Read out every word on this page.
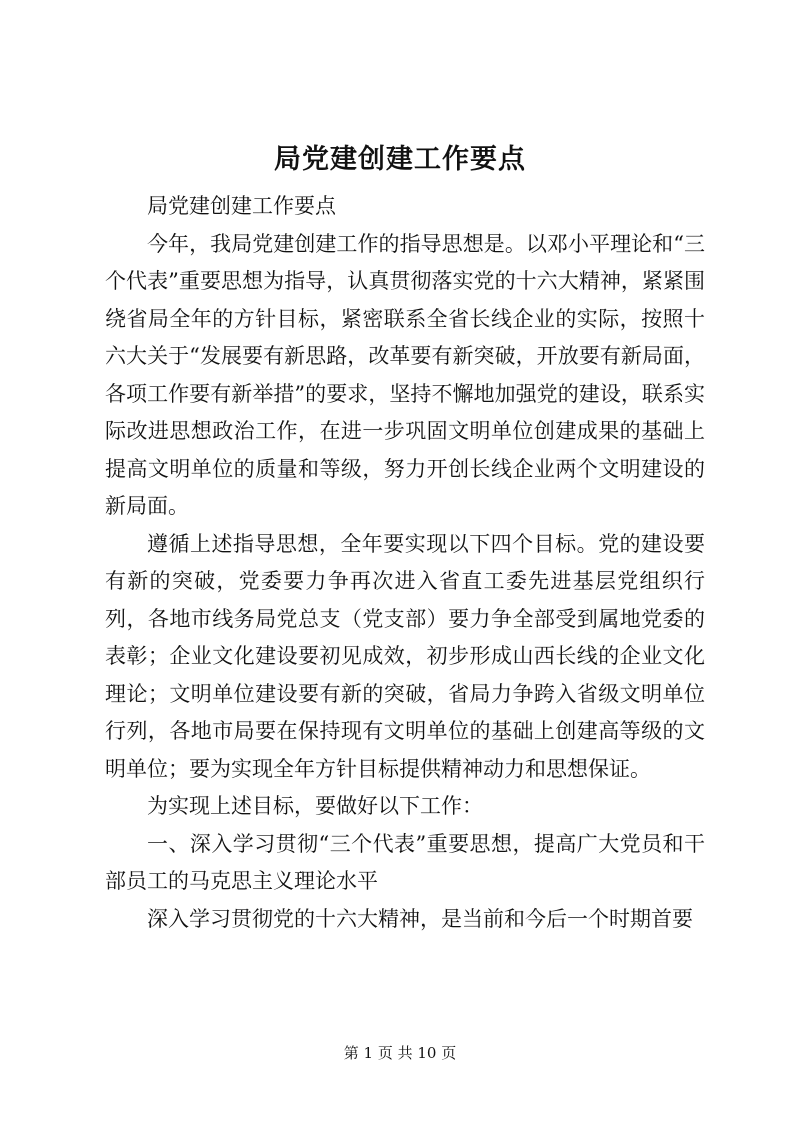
局党建创建工作要点

局党建创建工作要点

今年，我局党建创建工作的指导思想是。以邓小平理论和“三个代表”重要思想为指导，认真贯彻落实党的十六大精神，紧紧围绕省局全年的方针目标，紧密联系全省长线企业的实际，按照十六大关于“发展要有新思路，改革要有新突破，开放要有新局面，各项工作要有新举措”的要求，坚持不懈地加强党的建设，联系实际改进思想政治工作，在进一步巩固文明单位创建成果的基础上提高文明单位的质量和等级，努力开创长线企业两个文明建设的新局面。

遵循上述指导思想，全年要实现以下四个目标。党的建设要有新的突破，党委要力争再次进入省直工委先进基层党组织行列，各地市线务局党总支（党支部）要力争全部受到属地党委的表彰；企业文化建设要初见成效，初步形成山西长线的企业文化理论；文明单位建设要有新的突破，省局力争跨入省级文明单位行列，各地市局要在保持现有文明单位的基础上创建高等级的文明单位；要为实现全年方针目标提供精神动力和思想保证。

为实现上述目标，要做好以下工作：

一、深入学习贯彻“三个代表”重要思想，提高广大党员和干部员工的马克思主义理论水平

深入学习贯彻党的十六大精神，是当前和今后一个时期首要

第 1 页 共 10 页
